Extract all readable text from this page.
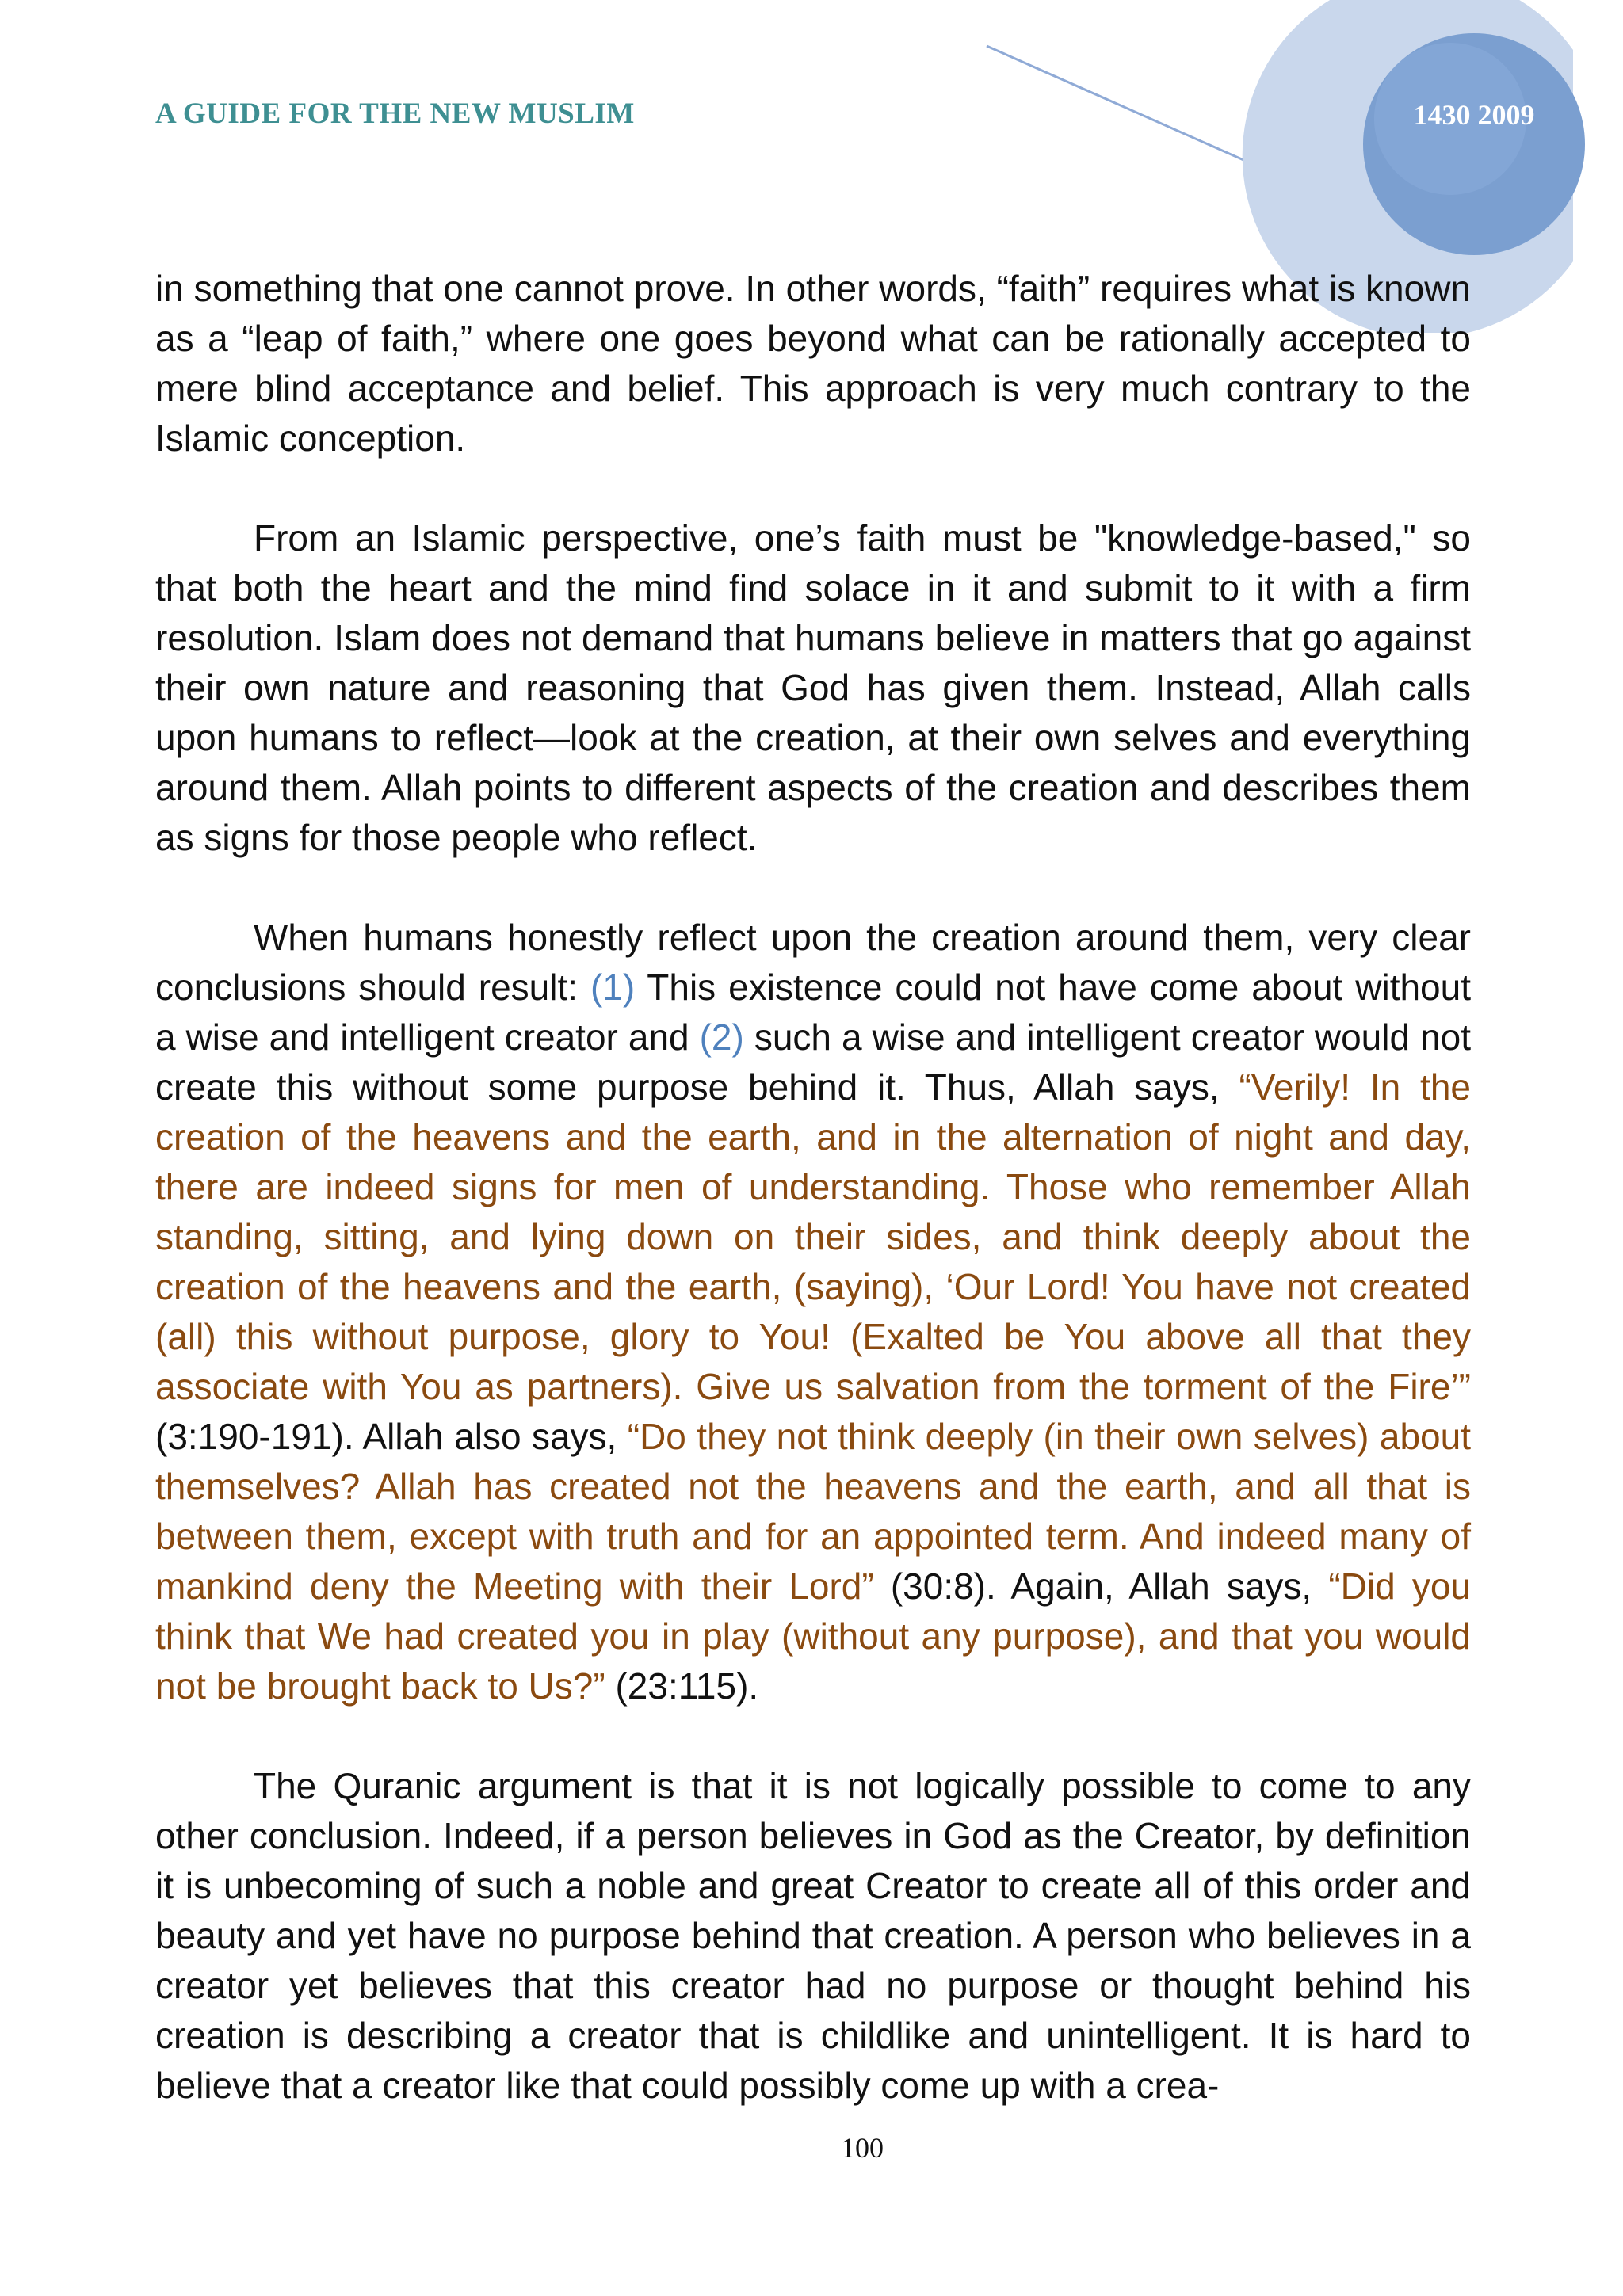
A GUIDE FOR THE NEW MUSLIM	1430 2009

in something that one cannot prove. In other words, “faith” requires what is known as a “leap of faith,” where one goes beyond what can be rationally accepted to mere blind acceptance and belief. This approach is very much contrary to the Islamic conception.

From an Islamic perspective, one’s faith must be "knowledge-based," so that both the heart and the mind find solace in it and submit to it with a firm resolution. Islam does not demand that humans believe in matters that go against their own nature and reasoning that God has given them. Instead, Allah calls upon humans to reflect—look at the creation, at their own selves and everything around them. Allah points to different aspects of the creation and describes them as signs for those people who reflect.

When humans honestly reflect upon the creation around them, very clear conclusions should result: (1) This existence could not have come about without a wise and intelligent creator and (2) such a wise and intelligent creator would not create this without some purpose behind it. Thus, Allah says, “Verily! In the creation of the heavens and the earth, and in the alternation of night and day, there are indeed signs for men of understanding. Those who remember Allah standing, sitting, and lying down on their sides, and think deeply about the creation of the heavens and the earth, (saying), ‘Our Lord! You have not created (all) this without purpose, glory to You! (Exalted be You above all that they associate with You as partners). Give us salvation from the torment of the Fire’” (3:190-191). Allah also says, “Do they not think deeply (in their own selves) about themselves? Allah has created not the heavens and the earth, and all that is between them, except with truth and for an appointed term. And indeed many of mankind deny the Meeting with their Lord” (30:8). Again, Allah says, “Did you think that We had created you in play (without any purpose), and that you would not be brought back to Us?” (23:115).

The Quranic argument is that it is not logically possible to come to any other conclusion. Indeed, if a person believes in God as the Creator, by definition it is unbecoming of such a noble and great Creator to create all of this order and beauty and yet have no purpose behind that creation. A person who believes in a creator yet believes that this creator had no purpose or thought behind his creation is describing a creator that is childlike and unintelligent. It is hard to believe that a creator like that could possibly come up with a crea-

100
